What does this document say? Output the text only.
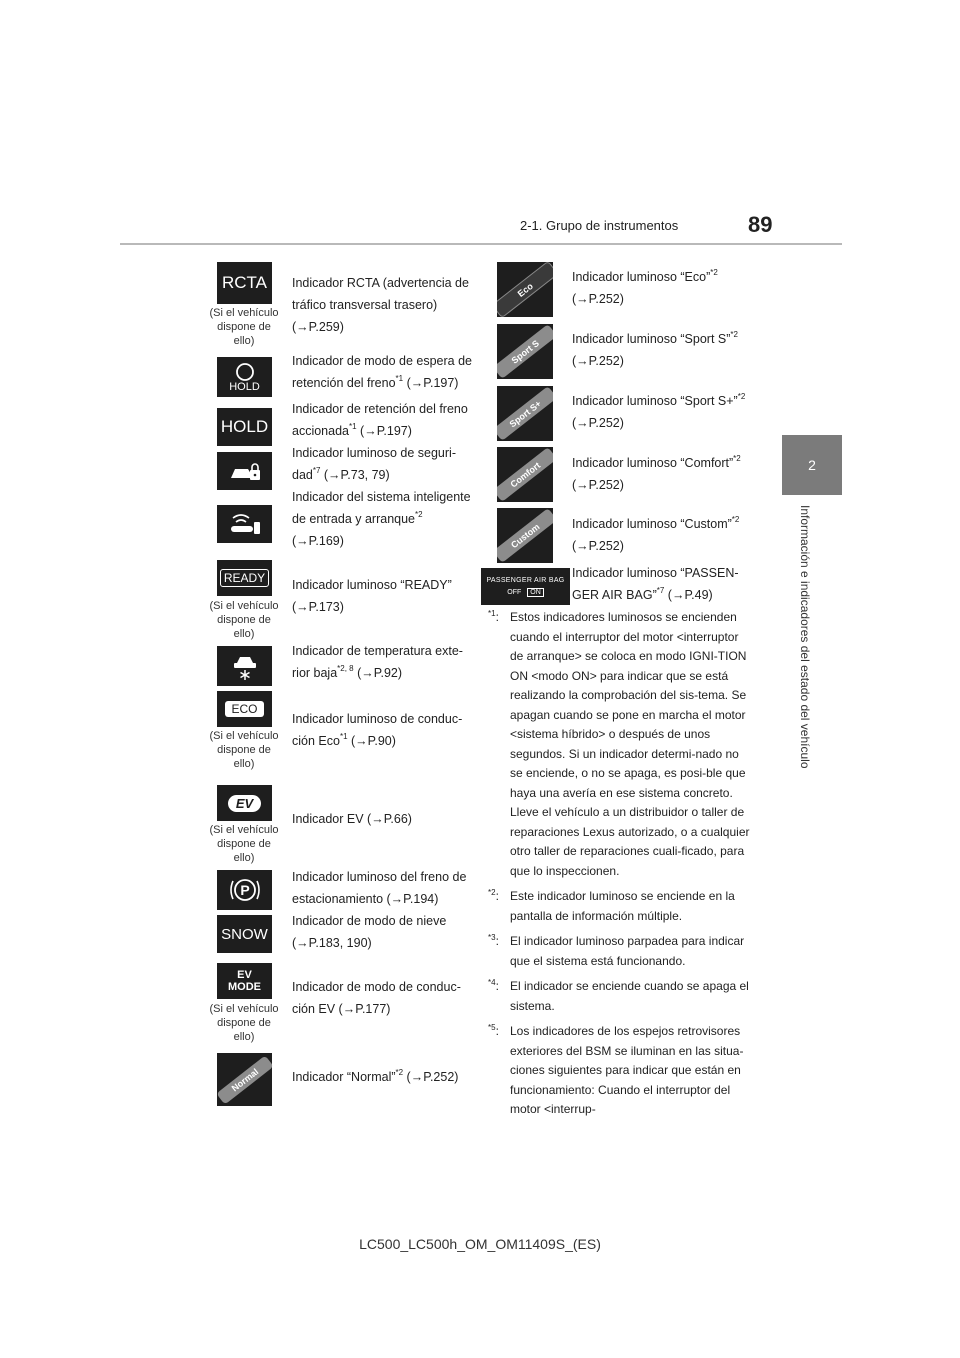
2-1. Grupo de instrumentos	89
2
Información e indicadores del estado del vehículo
RCTA
(Si el vehículo dispone de ello)
Indicador RCTA (advertencia de tráfico transversal trasero) (→P.259)
HOLD
Indicador de modo de espera de retención del freno$^{*1}$ (→P.197)
HOLD
Indicador de retención del freno accionada$^{*1}$ (→P.197)
Indicador luminoso de seguri-dad$^{*7}$ (→P.73, 79)
Indicador del sistema inteligente de entrada y arranque$^{*2}$ (→P.169)
READY
(Si el vehículo dispone de ello)
Indicador luminoso “READY” (→P.173)
Indicador de temperatura exte-rior baja$^{*2, 8}$ (→P.92)
ECO
(Si el vehículo dispone de ello)
Indicador luminoso de conduc-ción Eco$^{*1}$ (→P.90)
EV
(Si el vehículo dispone de ello)
Indicador EV (→P.66)
P
Indicador luminoso del freno de estacionamiento (→P.194)
SNOW
Indicador de modo de nieve (→P.183, 190)
EV MODE
(Si el vehículo dispone de ello)
Indicador de modo de conduc-ción EV (→P.177)
Normal	Indicador “Normal”$^{*2}$ (→P.252)
Eco
Indicador luminoso “Eco”$^{*2}$
(→P.252)
Sport S	Indicador luminoso “Sport S”$^{*2}$
(→P.252)
Sport S+ Indicador luminoso “Sport S+”$^{*2}$
(→P.252)
Comfort Indicador luminoso “Comfort”$^{*2}$
(→P.252)
Custom Indicador luminoso “Custom”$^{*2}$
(→P.252)
PASSENGER AIR BAG
OFF	ON
Indicador luminoso “PASSEN-GER AIR BAG”$^{*7}$ (→P.49)
$^{*1}$: Estos indicadores luminosos se encienden cuando el interruptor del motor <interruptor de arranque> se coloca en modo IGNI-TION ON <modo ON> para indicar que se está realizando la comprobación del sis-tema. Se apagan cuando se pone en marcha el motor <sistema híbrido> o después de unos segundos. Si un indicador determi-nado no se enciende, o no se apaga, es posi-ble que haya una avería en ese sistema concreto. Lleve el vehículo a un distribuidor o taller de reparaciones Lexus autorizado, o a cualquier otro taller de reparaciones cuali-ficado, para que lo inspeccionen.
$^{*2}$: Este indicador luminoso se enciende en la pantalla de información múltiple.
$^{*3}$: El indicador luminoso parpadea para indicar que el sistema está funcionando.
$^{*4}$: El indicador se enciende cuando se apaga el sistema.
$^{*5}$: Los indicadores de los espejos retrovisores exteriores del BSM se iluminan en las situa-ciones siguientes para indicar que están en funcionamiento: Cuando el interruptor del motor <interrup-
LC500_LC500h_OM_OM11409S_(ES)
